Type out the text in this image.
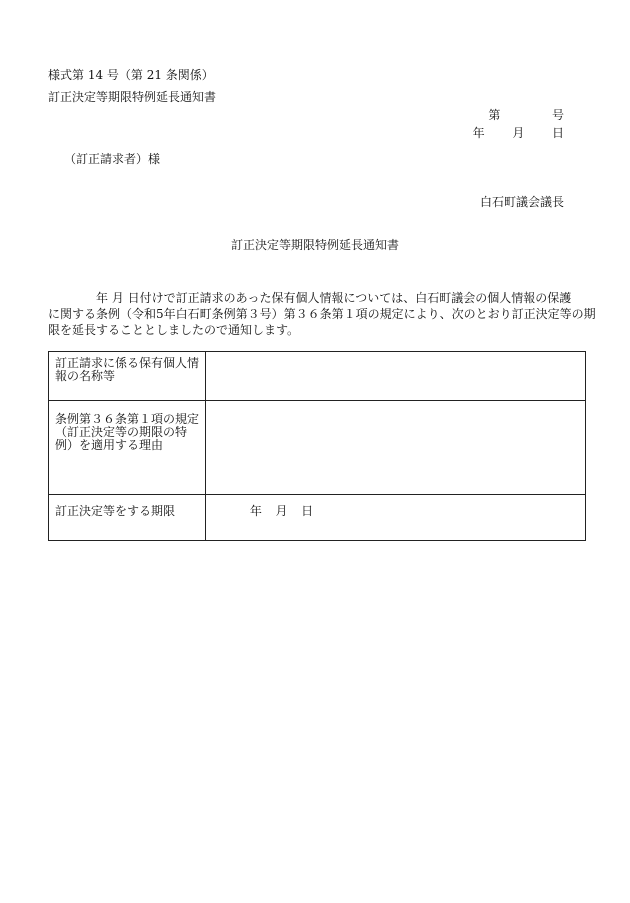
様式第 14 号（第 21 条関係）
訂正決定等期限特例延長通知書
第	号
年 月 日
（訂正請求者）様
白石町議会議長
訂正決定等期限特例延長通知書
年 月 日付けで訂正請求のあった保有個人情報については、白石町議会の個人情報の保護
に関する条例（令和5年白石町条例第３号）第３６条第１項の規定により、次のとおり訂正決定等の期
限を延長することとしましたので通知します。
訂正請求に係る保有個人情報の名称等	
条例第３６条第１項の規定（訂正決定等の期限の特 例）を適用する理由	
訂正決定等をする期限	年 月 日
